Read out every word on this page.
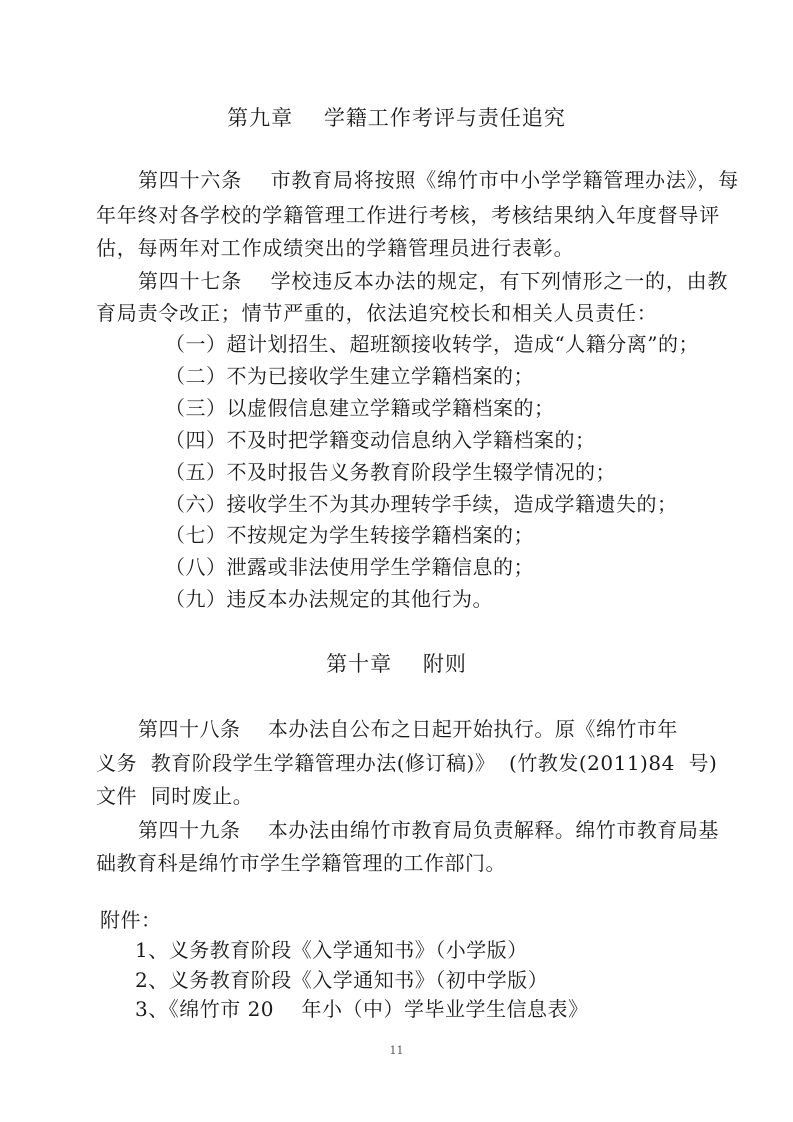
第九章    学籍工作考评与责任追究
第四十六条    市教育局将按照《绵竹市中小学学籍管理办法》，每
年年终对各学校的学籍管理工作进行考核，考核结果纳入年度督导评
估，每两年对工作成绩突出的学籍管理员进行表彰。
第四十七条    学校违反本办法的规定，有下列情形之一的，由教
育局责令改正；情节严重的，依法追究校长和相关人员责任：
（一）超计划招生、超班额接收转学，造成“人籍分离”的；
（二）不为已接收学生建立学籍档案的；
（三）以虚假信息建立学籍或学籍档案的；
（四）不及时把学籍变动信息纳入学籍档案的；
（五）不及时报告义务教育阶段学生辍学情况的；
（六）接收学生不为其办理转学手续，造成学籍遗失的；
（七）不按规定为学生转接学籍档案的；
（八）泄露或非法使用学生学籍信息的；
（九）违反本办法规定的其他行为。
第十章    附则
第四十八条    本办法自公布之日起开始执行。原《绵竹市年
义务  教育阶段学生学籍管理办法(修订稿)》  (竹教发(2011)84  号)
文件  同时废止。
第四十九条    本办法由绵竹市教育局负责解释。绵竹市教育局基
础教育科是绵竹市学生学籍管理的工作部门。
附件：
1、义务教育阶段《入学通知书》（小学版）
2、义务教育阶段《入学通知书》（初中学版）
3、《绵竹市 20    年小（中）学毕业学生信息表》
11
